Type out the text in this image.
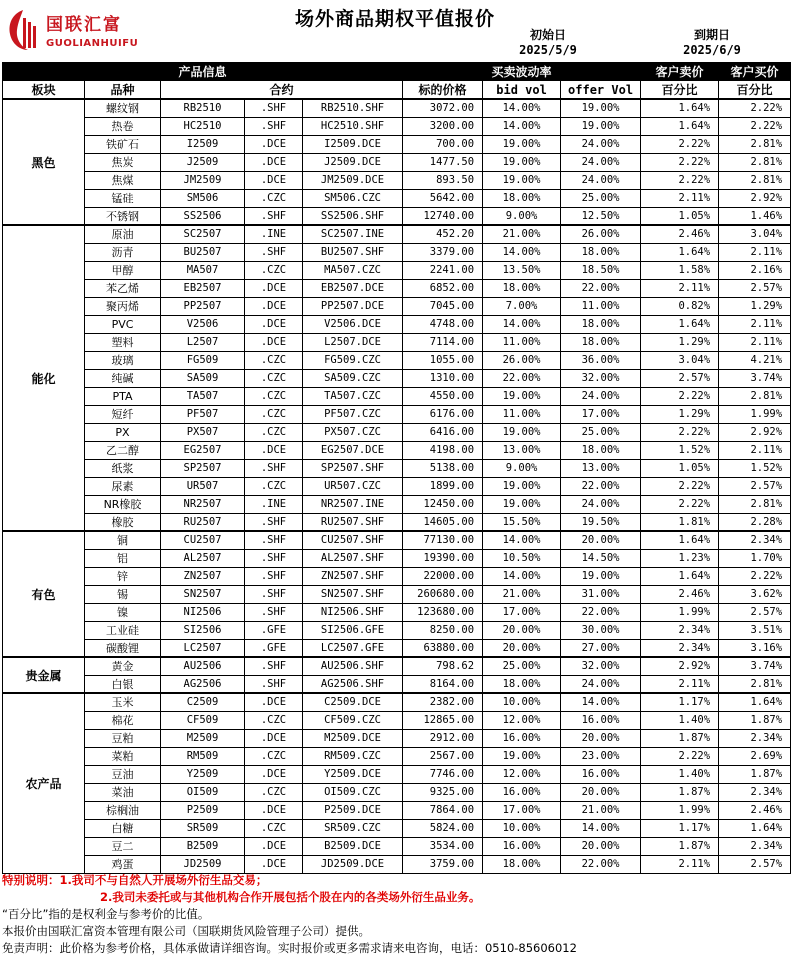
国联汇富
GUOLIANHUIFU
场外商品期权平值报价
初始日
2025/5/9
到期日
2025/6/9
产品信息					买卖波动率			客户卖价	客户买价
板块	品种	合约			标的价格	bid vol	offer Vol	百分比	百分比
黑色	螺纹钢	RB2510	.SHF	RB2510.SHF	3072.00	14.00%	19.00%	1.64%	2.22%
	热卷	HC2510	.SHF	HC2510.SHF	3200.00	14.00%	19.00%	1.64%	2.22%
	铁矿石	I2509	.DCE	I2509.DCE	700.00	19.00%	24.00%	2.22%	2.81%
	焦炭	J2509	.DCE	J2509.DCE	1477.50	19.00%	24.00%	2.22%	2.81%
	焦煤	JM2509	.DCE	JM2509.DCE	893.50	19.00%	24.00%	2.22%	2.81%
	锰硅	SM506	.CZC	SM506.CZC	5642.00	18.00%	25.00%	2.11%	2.92%
	不锈钢	SS2506	.SHF	SS2506.SHF	12740.00	9.00%	12.50%	1.05%	1.46%
能化	原油	SC2507	.INE	SC2507.INE	452.20	21.00%	26.00%	2.46%	3.04%
	沥青	BU2507	.SHF	BU2507.SHF	3379.00	14.00%	18.00%	1.64%	2.11%
	甲醇	MA507	.CZC	MA507.CZC	2241.00	13.50%	18.50%	1.58%	2.16%
	苯乙烯	EB2507	.DCE	EB2507.DCE	6852.00	18.00%	22.00%	2.11%	2.57%
	聚丙烯	PP2507	.DCE	PP2507.DCE	7045.00	7.00%	11.00%	0.82%	1.29%
	PVC	V2506	.DCE	V2506.DCE	4748.00	14.00%	18.00%	1.64%	2.11%
	塑料	L2507	.DCE	L2507.DCE	7114.00	11.00%	18.00%	1.29%	2.11%
	玻璃	FG509	.CZC	FG509.CZC	1055.00	26.00%	36.00%	3.04%	4.21%
	纯碱	SA509	.CZC	SA509.CZC	1310.00	22.00%	32.00%	2.57%	3.74%
	PTA	TA507	.CZC	TA507.CZC	4550.00	19.00%	24.00%	2.22%	2.81%
	短纤	PF507	.CZC	PF507.CZC	6176.00	11.00%	17.00%	1.29%	1.99%
	PX	PX507	.CZC	PX507.CZC	6416.00	19.00%	25.00%	2.22%	2.92%
	乙二醇	EG2507	.DCE	EG2507.DCE	4198.00	13.00%	18.00%	1.52%	2.11%
	纸浆	SP2507	.SHF	SP2507.SHF	5138.00	9.00%	13.00%	1.05%	1.52%
	尿素	UR507	.CZC	UR507.CZC	1899.00	19.00%	22.00%	2.22%	2.57%
	NR橡胶	NR2507	.INE	NR2507.INE	12450.00	19.00%	24.00%	2.22%	2.81%
	橡胶	RU2507	.SHF	RU2507.SHF	14605.00	15.50%	19.50%	1.81%	2.28%
有色	铜	CU2507	.SHF	CU2507.SHF	77130.00	14.00%	20.00%	1.64%	2.34%
	铝	AL2507	.SHF	AL2507.SHF	19390.00	10.50%	14.50%	1.23%	1.70%
	锌	ZN2507	.SHF	ZN2507.SHF	22000.00	14.00%	19.00%	1.64%	2.22%
	锡	SN2507	.SHF	SN2507.SHF	260680.00	21.00%	31.00%	2.46%	3.62%
	镍	NI2506	.SHF	NI2506.SHF	123680.00	17.00%	22.00%	1.99%	2.57%
	工业硅	SI2506	.GFE	SI2506.GFE	8250.00	20.00%	30.00%	2.34%	3.51%
	碳酸锂	LC2507	.GFE	LC2507.GFE	63880.00	20.00%	27.00%	2.34%	3.16%
贵金属	黄金	AU2506	.SHF	AU2506.SHF	798.62	25.00%	32.00%	2.92%	3.74%
	白银	AG2506	.SHF	AG2506.SHF	8164.00	18.00%	24.00%	2.11%	2.81%
农产品	玉米	C2509	.DCE	C2509.DCE	2382.00	10.00%	14.00%	1.17%	1.64%
	棉花	CF509	.CZC	CF509.CZC	12865.00	12.00%	16.00%	1.40%	1.87%
	豆粕	M2509	.DCE	M2509.DCE	2912.00	16.00%	20.00%	1.87%	2.34%
	菜粕	RM509	.CZC	RM509.CZC	2567.00	19.00%	23.00%	2.22%	2.69%
	豆油	Y2509	.DCE	Y2509.DCE	7746.00	12.00%	16.00%	1.40%	1.87%
	菜油	OI509	.CZC	OI509.CZC	9325.00	16.00%	20.00%	1.87%	2.34%
	棕榈油	P2509	.DCE	P2509.DCE	7864.00	17.00%	21.00%	1.99%	2.46%
	白糖	SR509	.CZC	SR509.CZC	5824.00	10.00%	14.00%	1.17%	1.64%
	豆二	B2509	.DCE	B2509.DCE	3534.00	16.00%	20.00%	1.87%	2.34%
	鸡蛋	JD2509	.DCE	JD2509.DCE	3759.00	18.00%	22.00%	2.11%	2.57%
特别说明：1.我司不与自然人开展场外衍生品交易；
2.我司未委托或与其他机构合作开展包括个股在内的各类场外衍生品业务。
“百分比”指的是权利金与参考价的比值。
本报价由国联汇富资本管理有限公司（国联期货风险管理子公司）提供。
免责声明：此价格为参考价格，具体承做请详细咨询。实时报价或更多需求请来电咨询，电话：0510-85606012
